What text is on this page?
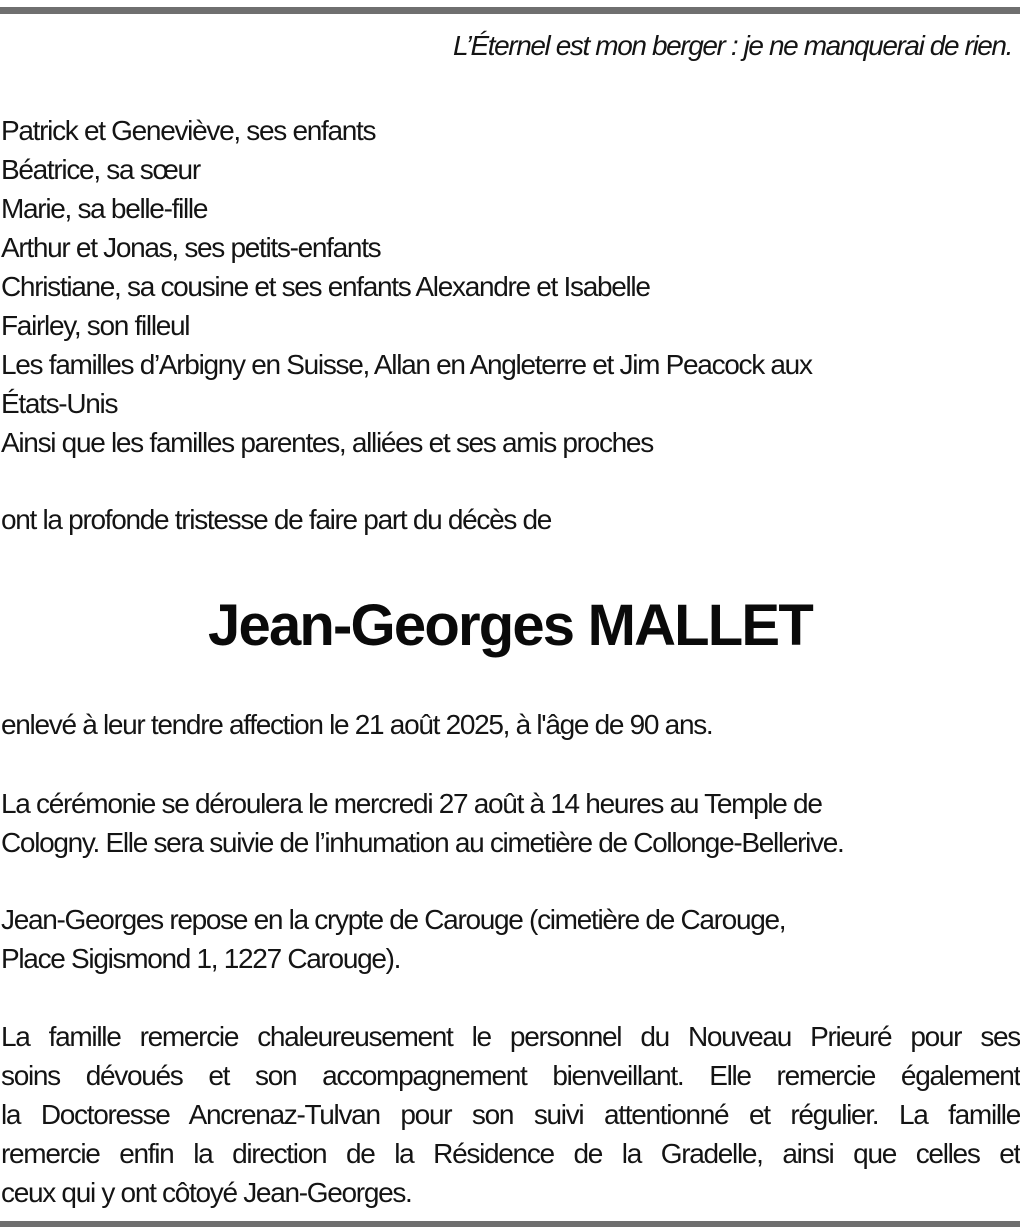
L’Éternel est mon berger : je ne manquerai de rien.
Patrick et Geneviève, ses enfants
Béatrice, sa sœur
Marie, sa belle-fille
Arthur et Jonas, ses petits-enfants
Christiane, sa cousine et ses enfants Alexandre et Isabelle
Fairley, son filleul
Les familles d’Arbigny en Suisse, Allan en Angleterre et Jim Peacock aux
États-Unis
Ainsi que les familles parentes, alliées et ses amis proches
ont la profonde tristesse de faire part du décès de
Jean-Georges MALLET
enlevé à leur tendre affection le 21 août 2025, à l'âge de 90 ans.
La cérémonie se déroulera le mercredi 27 août à 14 heures au Temple de
Cologny. Elle sera suivie de l’inhumation au cimetière de Collonge-Bellerive.
Jean-Georges repose en la crypte de Carouge (cimetière de Carouge,
Place Sigismond 1, 1227 Carouge).
La famille remercie chaleureusement le personnel du Nouveau Prieuré pour ses
soins dévoués et son accompagnement bienveillant. Elle remercie également
la Doctoresse Ancrenaz-Tulvan pour son suivi attentionné et régulier. La famille
remercie enfin la direction de la Résidence de la Gradelle, ainsi que celles et
ceux qui y ont côtoyé Jean-Georges.
